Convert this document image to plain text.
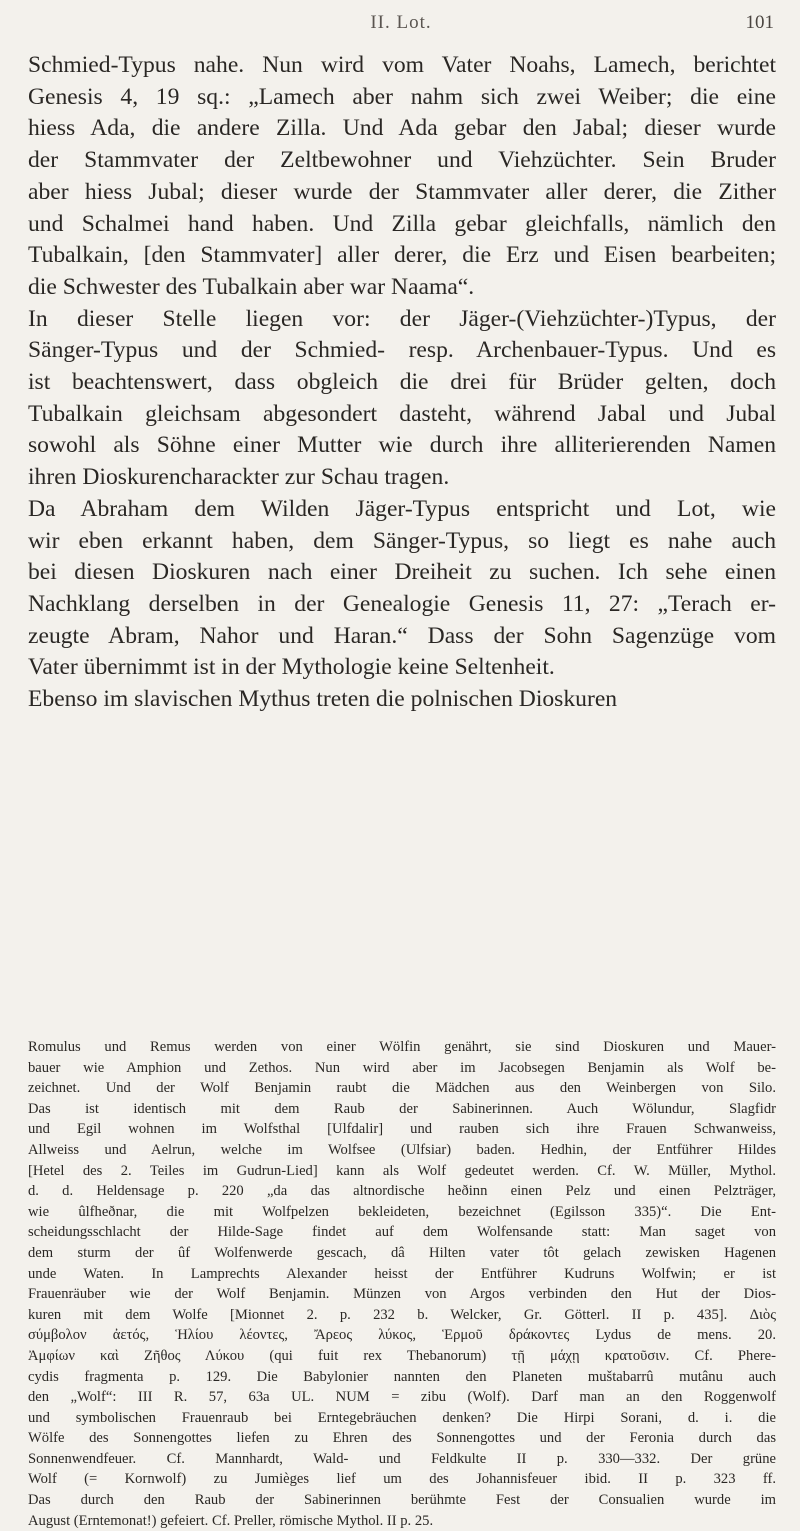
II. Lot.	101
Schmied-Typus nahe. Nun wird vom Vater Noahs, Lamech, berichtet
Genesis 4, 19 sq.: „Lamech aber nahm sich zwei Weiber; die eine
hiess Ada, die andere Zilla. Und Ada gebar den Jabal; dieser wurde
der Stammvater der Zeltbewohner und Viehzüchter. Sein Bruder
aber hiess Jubal; dieser wurde der Stammvater aller derer, die Zither
und Schalmei hand haben. Und Zilla gebar gleichfalls, nämlich den
Tubalkain, [den Stammvater] aller derer, die Erz und Eisen bearbeiten;
die Schwester des Tubalkain aber war Naama“.
In dieser Stelle liegen vor: der Jäger-(Viehzüchter-)Typus, der
Sänger-Typus und der Schmied- resp. Archenbauer-Typus. Und es
ist beachtenswert, dass obgleich die drei für Brüder gelten, doch
Tubalkain gleichsam abgesondert dasteht, während Jabal und Jubal
sowohl als Söhne einer Mutter wie durch ihre alliterierenden Namen
ihren Dioskurencharackter zur Schau tragen.
Da Abraham dem Wilden Jäger-Typus entspricht und Lot, wie
wir eben erkannt haben, dem Sänger-Typus, so liegt es nahe auch
bei diesen Dioskuren nach einer Dreiheit zu suchen. Ich sehe einen
Nachklang derselben in der Genealogie Genesis 11, 27: „Terach er-
zeugte Abram, Nahor und Haran.“ Dass der Sohn Sagenzüge vom
Vater übernimmt ist in der Mythologie keine Seltenheit.
Ebenso im slavischen Mythus treten die polnischen Dioskuren
Romulus und Remus werden von einer Wölfin genährt, sie sind Dioskuren und Mauer-
bauer wie Amphion und Zethos. Nun wird aber im Jacobsegen Benjamin als Wolf be-
zeichnet. Und der Wolf Benjamin raubt die Mädchen aus den Weinbergen von Silo.
Das ist identisch mit dem Raub der Sabinerinnen. Auch Wölundur, Slagfidr
und Egil wohnen im Wolfsthal [Ulfdalir] und rauben sich ihre Frauen Schwanweiss,
Allweiss und Aelrun, welche im Wolfsee (Ulfsiar) baden. Hedhin, der Entführer Hildes
[Hetel des 2. Teiles im Gudrun-Lied] kann als Wolf gedeutet werden. Cf. W. Müller, Mythol.
d. d. Heldensage p. 220 „da das altnordische heðinn einen Pelz und einen Pelzträger,
wie ûlfheðnar, die mit Wolfpelzen bekleideten, bezeichnet (Egilsson 335)“. Die Ent-
scheidungsschlacht der Hilde-Sage findet auf dem Wolfensande statt: Man saget von
dem sturm der ûf Wolfenwerde gescach, dâ Hilten vater tôt gelach zewisken Hagenen
unde Waten. In Lamprechts Alexander heisst der Entführer Kudruns Wolfwin; er ist
Frauenräuber wie der Wolf Benjamin. Münzen von Argos verbinden den Hut der Dios-
kuren mit dem Wolfe [Mionnet 2. p. 232 b. Welcker, Gr. Götterl. II p. 435]. Διὸς
σύμβολον ἀετός, Ἡλίου λέοντες, Ἄρεος λύκος, Ἑρμοῦ δράκοντες Lydus de mens. 20.
Ἀμφίων καὶ Ζῆθος Λύκου (qui fuit rex Thebanorum) τῇ μάχῃ κρατοῦσιν. Cf. Phere-
cydis fragmenta p. 129. Die Babylonier nannten den Planeten muštabarrû mutânu auch
den „Wolf“: III R. 57, 63a UL. NUM = zibu (Wolf). Darf man an den Roggenwolf
und symbolischen Frauenraub bei Erntegebräuchen denken? Die Hirpi Sorani, d. i. die
Wölfe des Sonnengottes liefen zu Ehren des Sonnengottes und der Feronia durch das
Sonnenwendfeuer. Cf. Mannhardt, Wald- und Feldkulte II p. 330—332. Der grüne
Wolf (= Kornwolf) zu Jumièges lief um des Johannisfeuer ibid. II p. 323 ff.
Das durch den Raub der Sabinerinnen berühmte Fest der Consualien wurde im
August (Erntemonat!) gefeiert. Cf. Preller, römische Mythol. II p. 25.
